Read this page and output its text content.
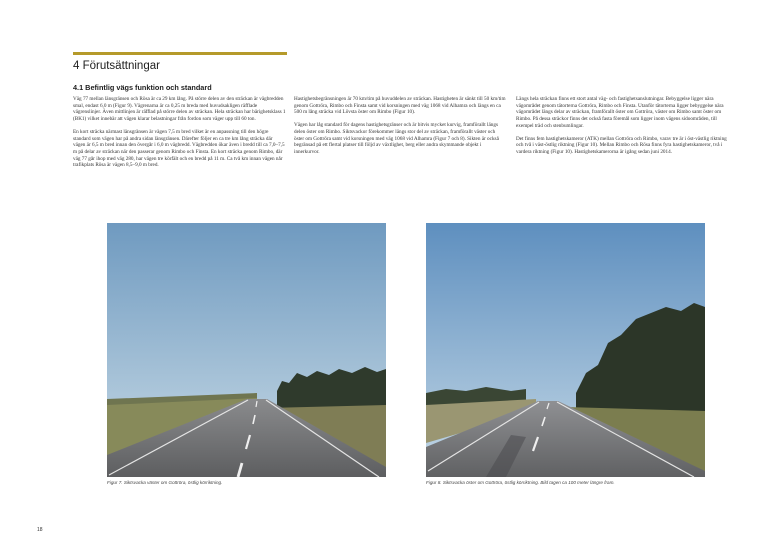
4 Förutsättningar
4.1 Befintlig vägs funktion och standard

Väg 77 mellan länsgränsen och Rösa är ca 29 km lång. På större delen av den sträckan är vägbredden smal, endast 6,0 m (Figur 9). Vägrenarna är ca 0,25 m breda med huvudsakligen räfflade vägrenslinjer. Även mittlinjen är räfflad på större delen av sträckan. Hela sträckan har bärighetsklass 1 (BK1) vilket innebär att vägen klarar belastningar från fordon som väger upp till 60 ton.

En kort sträcka närmast länsgränsen är vägen 7,5 m bred vilket är en anpassning till den högre standard som vägen har på andra sidan länsgränsen. Därefter följer en ca tre km lång sträcka där vägen är 6,5 m bred innan den övergår i 6,0 m vägbredd. Vägbredden ökar även i bredd till ca 7,0–7,5 m på delar av sträckan när den passerar genom Rimbo och Finsta. En kort sträcka genom Rimbo, där väg 77 går ihop med väg 280, har vägen tre körfält och en bredd på 11 m. Ca två km innan vägen når trafikplats Rösa är vägen 8,5–9,0 m bred.

Hastighetsbegränsningen är 70 km/tim på huvuddelen av sträckan. Hastigheten är sänkt till 50 km/tim genom Gottröra, Rimbo och Finsta samt vid korsningen med väg 1068 vid Alhamra och längs en ca 500 m lång sträcka vid Lövsta öster om Rimbo (Figur 10).

Vägen har låg standard för dagens hastighetsgränser och är bitvis mycket kurvig, framförallt längs delen öster om Rimbo. Siktsvackor förekommer längs stor del av sträckan, framförallt väster och öster om Gottröra samt vid korsningen med väg 1068 vid Alhamra (Figur 7 och 8). Sikten är också begränsad på ett flertal platser till följd av växtlighet, berg eller andra skymmande objekt i innerkurvor.

Längs hela sträckan finns ett stort antal väg- och fastighetsanslutningar. Bebyggelse ligger nära vägområdet genom tätorterna Gottröra, Rimbo och Finsta. Utanför tätorterna ligger bebyggelse nära vägområdet längs delar av sträckan, framförallt öster om Gottröra, väster om Rimbo samt öster om Rimbo. På dessa sträckor finns det också fasta föremål som ligger inom vägens sidoområden, till exempel träd och stenbumlingar.

Det finns fem hastighetskameror (ATK) mellan Gottröra och Rimbo, varav tre är i öst-västlig riktning och två i väst-östlig riktning (Figur 10). Mellan Rimbo och Rösa finns fyra hastighetskameror, två i vardera riktning (Figur 10). Hastighetskamerorna är igång sedan juni 2014.

Figur 7. Siktsvacka väster om Gottröra, östlig körriktning.	Figur 8. Siktsvacka öster om Gottröra, östlig körriktning. Bild tagen ca 100 meter längre fram.
18
